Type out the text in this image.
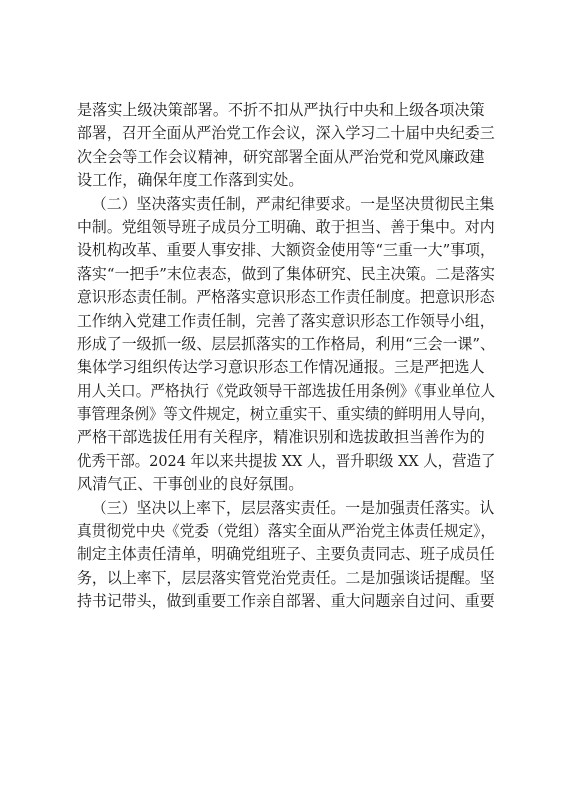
是落实上级决策部署。不折不扣从严执行中央和上级各项决策
部署，召开全面从严治党工作会议，深入学习二十届中央纪委三
次全会等工作会议精神，研究部署全面从严治党和党风廉政建
设工作，确保年度工作落到实处。
（二）坚决落实责任制，严肃纪律要求。一是坚决贯彻民主集
中制。党组领导班子成员分工明确、敢于担当、善于集中。对内
设机构改革、重要人事安排、大额资金使用等“三重一大”事项，
落实“一把手”末位表态，做到了集体研究、民主决策。二是落实
意识形态责任制。严格落实意识形态工作责任制度。把意识形态
工作纳入党建工作责任制，完善了落实意识形态工作领导小组，
形成了一级抓一级、层层抓落实的工作格局，利用“三会一课”、
集体学习组织传达学习意识形态工作情况通报。三是严把选人
用人关口。严格执行《党政领导干部选拔任用条例》《事业单位人
事管理条例》等文件规定，树立重实干、重实绩的鲜明用人导向，
严格干部选拔任用有关程序，精准识别和选拔敢担当善作为的
优秀干部。2024 年以来共提拔 XX 人，晋升职级 XX 人，营造了
风清气正、干事创业的良好氛围。
（三）坚决以上率下，层层落实责任。一是加强责任落实。认
真贯彻党中央《党委（党组）落实全面从严治党主体责任规定》，
制定主体责任清单，明确党组班子、主要负责同志、班子成员任
务，以上率下，层层落实管党治党责任。二是加强谈话提醒。坚
持书记带头，做到重要工作亲自部署、重大问题亲自过问、重要
